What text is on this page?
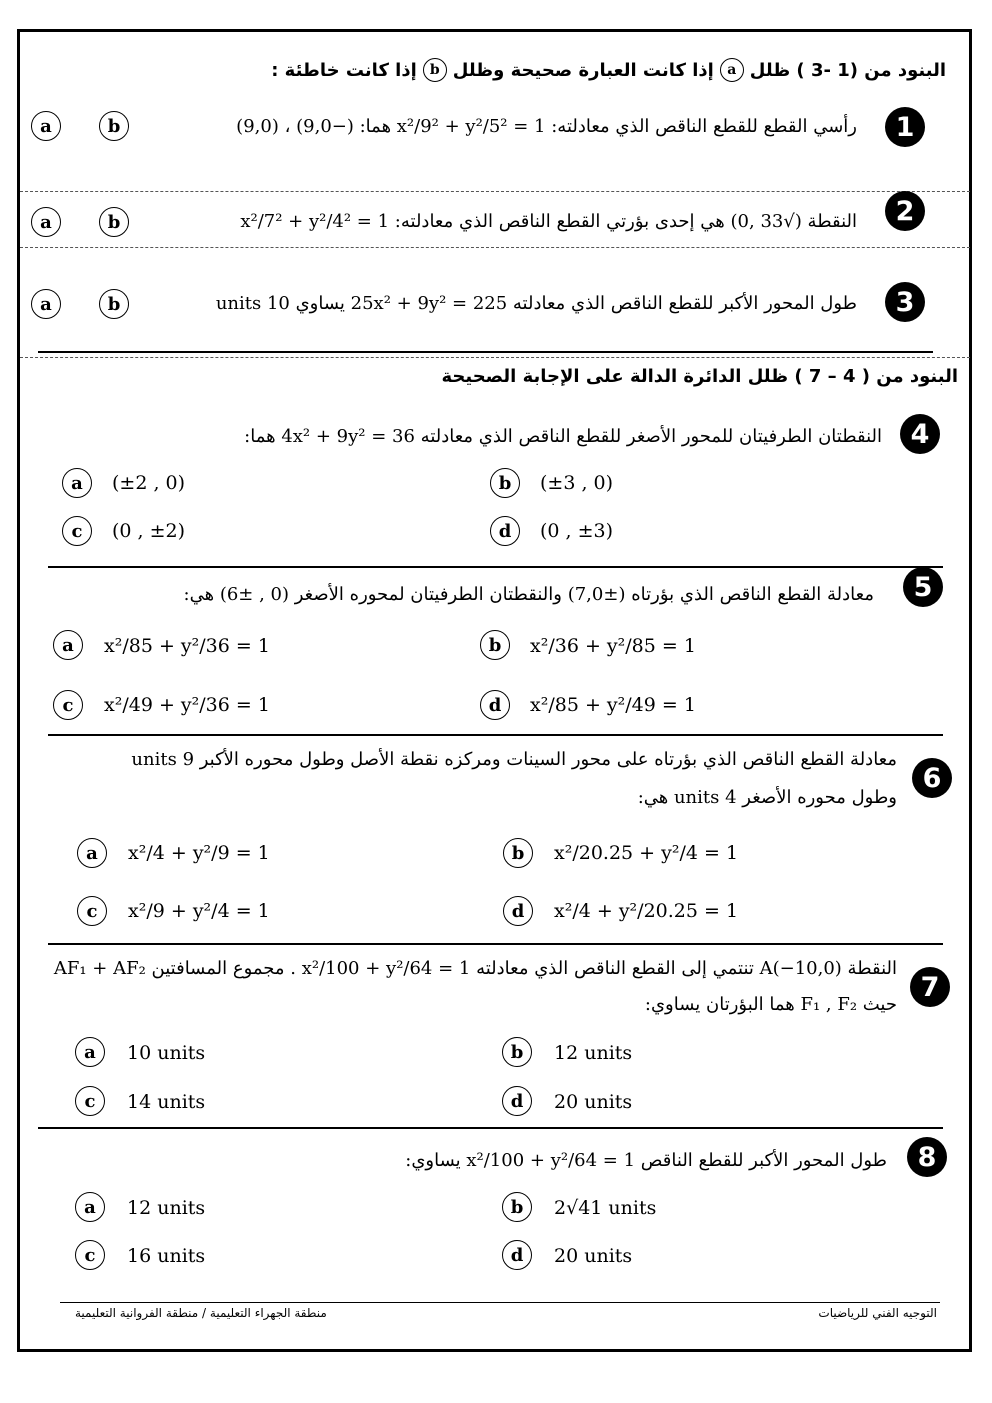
البنود من (1 -3 ) ظلل
a
إذا كانت العبارة صحيحة وظلل
b
إذا كانت خاطئة :
a	b	رأسي القطع للقطع الناقص الذي معادلته: x²/9² + y²/5² = 1 هما: (−9,0) ، (9,0)	1
a	b	النقطة (√33 ,0) هي إحدى بؤرتي القطع الناقص الذي معادلته: x²/7² + y²/4² = 1	2
a	b	طول المحور الأكبر للقطع الناقص الذي معادلته 25x² + 9y² = 225 يساوي 10 units	3
البنود من ( 4 – 7 ) ظلل الدائرة الدالة على الإجابة الصحيحة
النقطتان الطرفيتان للمحور الأصغر للقطع الناقص الذي معادلته 4x² + 9y² = 36 هما:	4
a	(±2 , 0)	b	(±3 , 0)
c	(0 , ±2)	d	(0 , ±3)
معادلة القطع الناقص الذي بؤرتاه (±7,0) والنقطتان الطرفيتان لمحوره الأصغر (0 , ±6) هي:	5
a	x²/85 + y²/36 = 1	b	x²/36 + y²/85 = 1
c	x²/49 + y²/36 = 1	d	x²/85 + y²/49 = 1
معادلة القطع الناقص الذي بؤرتاه على محور السينات ومركزه نقطة الأصل وطول محوره الأكبر 9 units
وطول محوره الأصغر 4 units هي:
6
a	x²/4 + y²/9 = 1	b	x²/20.25 + y²/4 = 1
c	x²/9 + y²/4 = 1	d	x²/4 + y²/20.25 = 1
النقطة A(−10,0) تنتمي إلى القطع الناقص الذي معادلته x²/100 + y²/64 = 1 . مجموع المسافتين AF₁ + AF₂
حيث F₁ , F₂ هما البؤرتان يساوي:
7
a	10 units	b	12 units
c	14 units	d	20 units
طول المحور الأكبر للقطع الناقص x²/100 + y²/64 = 1 يساوي:	8
a	12 units	b	2√41 units
c	16 units	d	20 units
التوجيه الفني للرياضيات
منطقة الجهراء التعليمية / منطقة الفروانية التعليمية
